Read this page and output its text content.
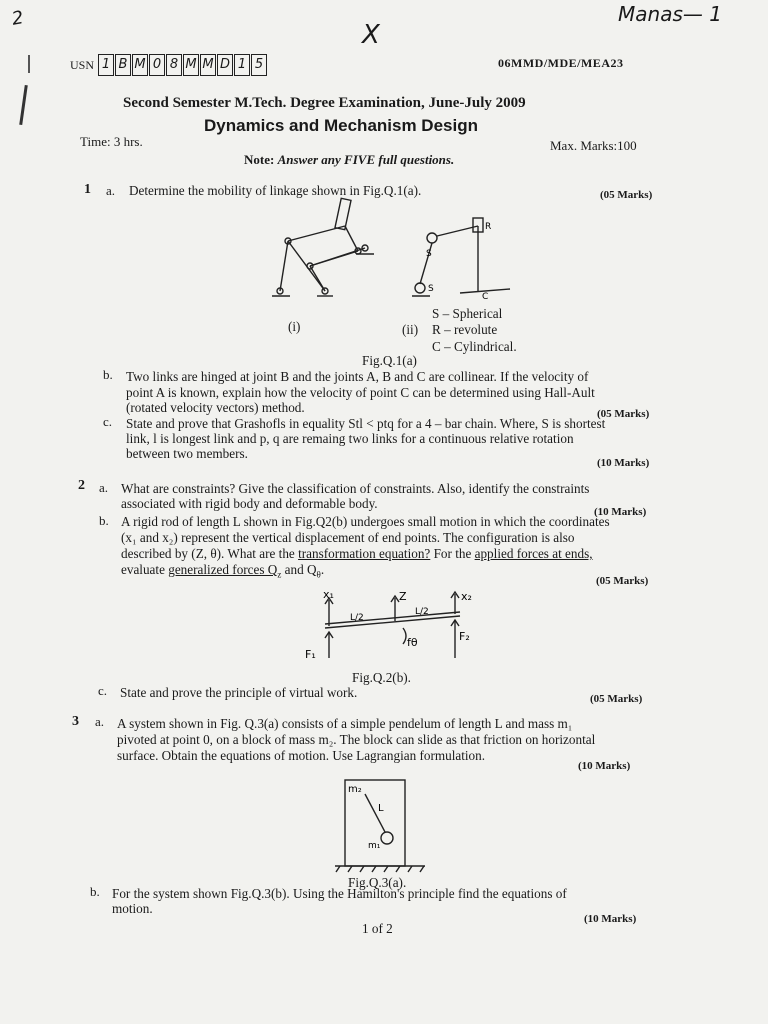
2	Manas— 1
X
USN 1 B M 0 8 M M D 1 5	06MMD/MDE/MEA23
Second Semester M.Tech. Degree Examination, June-July 2009
Dynamics and Mechanism Design
Time: 3 hrs.	Max. Marks:100
Note: Answer any FIVE full questions.
1 a. Determine the mobility of linkage shown in Fig.Q.1(a).	(05 Marks)
S
S
R
C
(i)	(ii)
S – Spherical
R – revolute
C – Cylindrical.
Fig.Q.1(a)
b. Two links are hinged at joint B and the joints A, B and C are collinear. If the velocity of
point A is known, explain how the velocity of point C can be determined using Hall-Ault
(rotated velocity vectors) method.	(05 Marks)
c. State and prove that Grashofls in equality Stl < ptq for a 4 – bar chain. Where, S is shortest
link, l is longest link and p, q are remaing two links for a continuous relative rotation
between two members.
(10 Marks)
2 a. What are constraints? Give the classification of constraints. Also, identify the constraints
associated with rigid body and deformable body.
(10 Marks)
b. A rigid rod of length L shown in Fig.Q2(b) undergoes small motion in which the coordinates
(x₁ and x₂) represent the vertical displacement of end points. The configuration is also
described by (Z, θ). What are the transformation equation? For the applied forces at ends,
evaluate generalized forces $Q_z$ and $Q_\theta$.
(05 Marks)
x₁	Z	x₂
L/2
L/2
fθ
F₁
F₂
Fig.Q.2(b).
c. State and prove the principle of virtual work.	(05 Marks)
3 a. A system shown in Fig. Q.3(a) consists of a simple pendelum of length L and mass m₁
pivoted at point 0, on a block of mass m₂. The block can slide as that friction on horizontal
surface. Obtain the equations of motion. Use Lagrangian formulation.
(10 Marks)
m₂
L
m₁
Fig.Q.3(a).
b. For the system shown Fig.Q.3(b). Using the Hamilton's principle find the equations of
motion.
(10 Marks)
1 of 2
